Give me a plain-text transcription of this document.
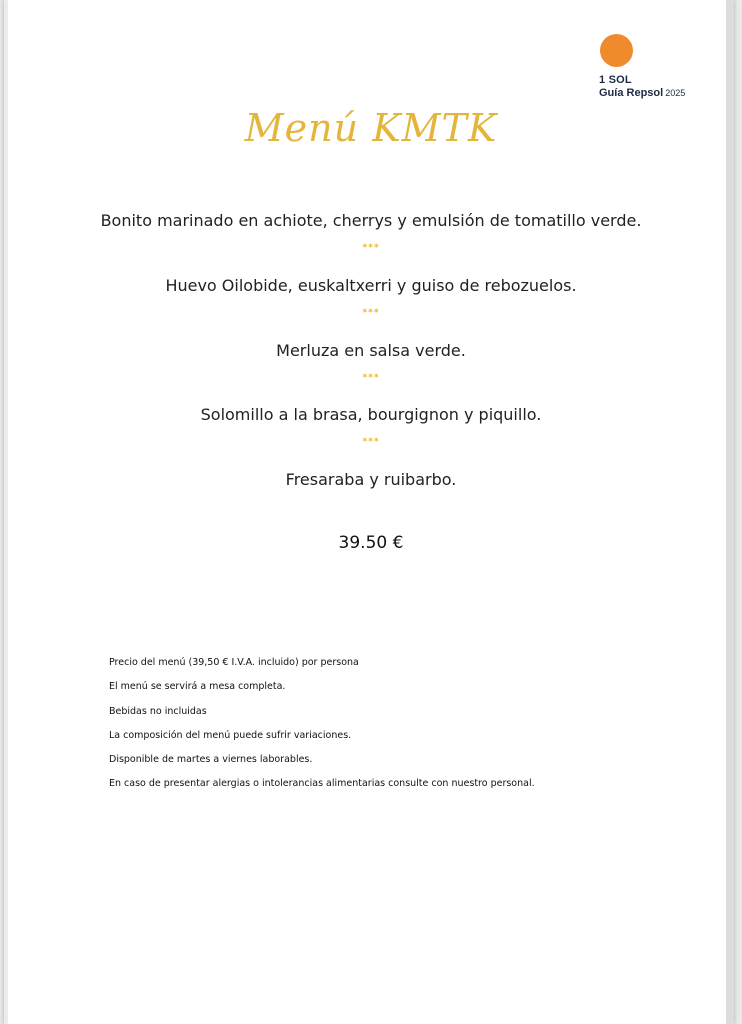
1 SOL
Guía Repsol 2025
Menú KMTK
Bonito marinado en achiote, cherrys y emulsión de tomatillo verde.
***
Huevo Oilobide, euskaltxerri y guiso de rebozuelos.
***
Merluza en salsa verde.
***
Solomillo a la brasa, bourgignon y piquillo.
***
Fresaraba y ruibarbo.
39.50 €
Precio del menú (39,50 € I.V.A. incluido) por persona
El menú se servirá a mesa completa.
Bebidas no incluidas
La composición del menú puede sufrir variaciones.
Disponible de martes a viernes laborables.
En caso de presentar alergias o intolerancias alimentarias consulte con nuestro personal.
